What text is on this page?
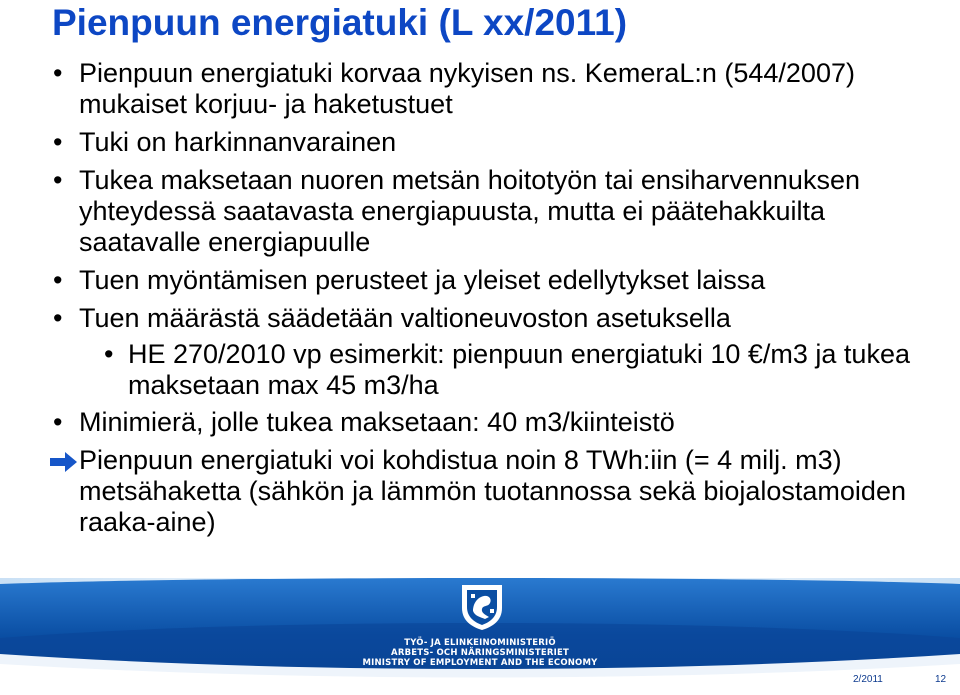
Pienpuun energiatuki (L xx/2011)
• Pienpuun energiatuki korvaa nykyisen ns. KemeraL:n (544/2007) mukaiset korjuu- ja haketustuet
• Tuki on harkinnanvarainen
• Tukea maksetaan nuoren metsän hoitotyön tai ensiharvennuksen yhteydessä saatavasta energiapuusta, mutta ei päätehakkuilta saatavalle energiapuulle
• Tuen myöntämisen perusteet ja yleiset edellytykset laissa
• Tuen määrästä säädetään valtioneuvoston asetuksella
• HE 270/2010 vp esimerkit: pienpuun energiatuki 10 €/m3 ja tukea maksetaan max 45 m3/ha
• Minimierä, jolle tukea maksetaan: 40 m3/kiinteistö
Pienpuun energiatuki voi kohdistua noin 8 TWh:iin (= 4 milj. m3) metsähaketta (sähkön ja lämmön tuotannossa sekä biojalostamoiden raaka-aine)
TYÖ- JA ELINKEINOMINISTERIÖ
ARBETS- OCH NÄRINGSMINISTERIET
MINISTRY OF EMPLOYMENT AND THE ECONOMY
2/2011	12
